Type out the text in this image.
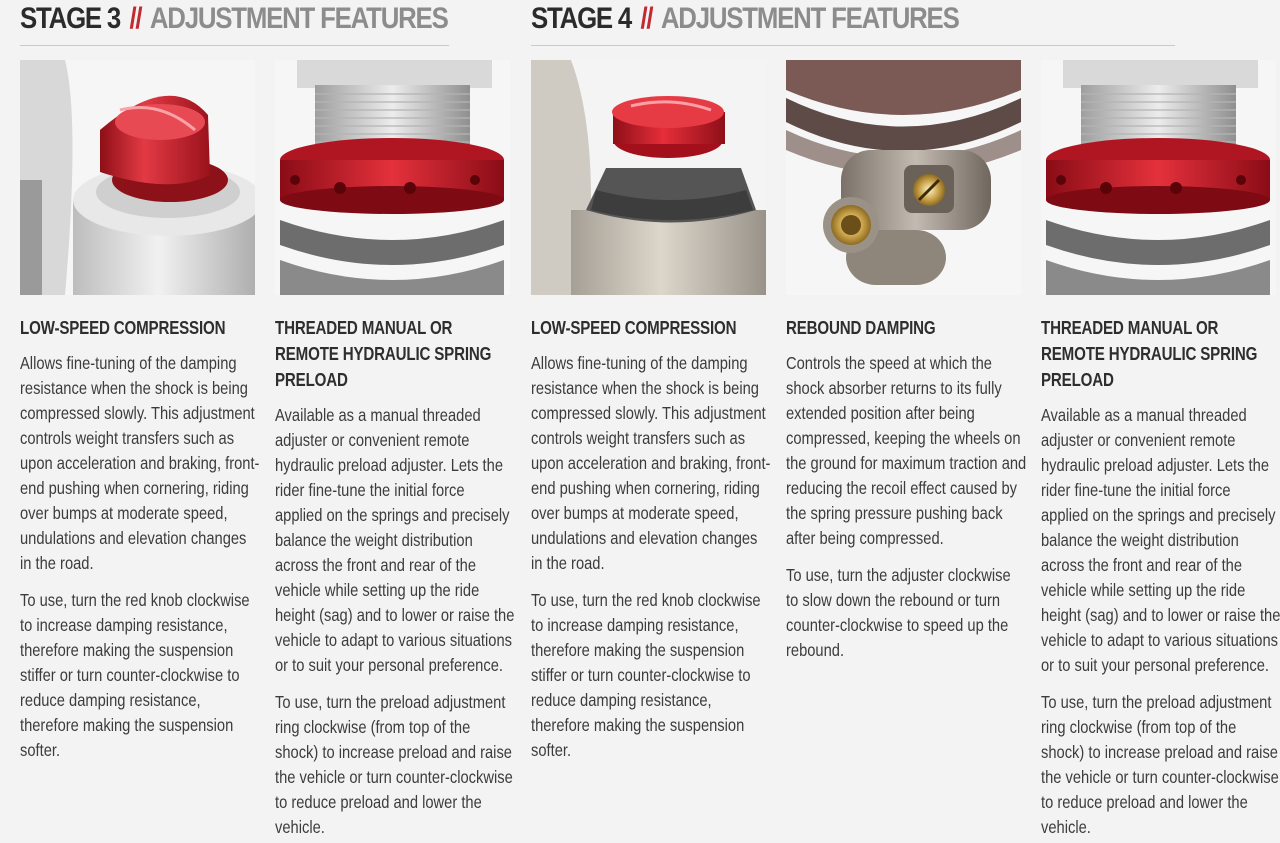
STAGE 3 // ADJUSTMENT FEATURES
LOW-SPEED COMPRESSION

Allows fine-tuning of the damping resistance when the shock is being compressed slowly. This adjustment controls weight transfers such as upon acceleration and braking, front-end pushing when cornering, riding over bumps at moderate speed, undulations and elevation changes in the road.

To use, turn the red knob clockwise to increase damping resistance, therefore making the suspension stiffer or turn counter-clockwise to reduce damping resistance, therefore making the suspension softer.

THREADED MANUAL OR REMOTE HYDRAULIC SPRING PRELOAD

Available as a manual threaded adjuster or convenient remote hydraulic preload adjuster. Lets the rider fine-tune the initial force applied on the springs and precisely balance the weight distribution across the front and rear of the vehicle while setting up the ride height (sag) and to lower or raise the vehicle to adapt to various situations or to suit your personal preference.

To use, turn the preload adjustment ring clockwise (from top of the shock) to increase preload and raise the vehicle or turn counter-clockwise to reduce preload and lower the vehicle.

STAGE 4 // ADJUSTMENT FEATURES
LOW-SPEED COMPRESSION

Allows fine-tuning of the damping resistance when the shock is being compressed slowly. This adjustment controls weight transfers such as upon acceleration and braking, front-end pushing when cornering, riding over bumps at moderate speed, undulations and elevation changes in the road.

To use, turn the red knob clockwise to increase damping resistance, therefore making the suspension stiffer or turn counter-clockwise to reduce damping resistance, therefore making the suspension softer.

REBOUND DAMPING

Controls the speed at which the shock absorber returns to its fully extended position after being compressed, keeping the wheels on the ground for maximum traction and reducing the recoil effect caused by the spring pressure pushing back after being compressed.

To use, turn the adjuster clockwise to slow down the rebound or turn counter-clockwise to speed up the rebound.

THREADED MANUAL OR REMOTE HYDRAULIC SPRING PRELOAD

Available as a manual threaded adjuster or convenient remote hydraulic preload adjuster. Lets the rider fine-tune the initial force applied on the springs and precisely balance the weight distribution across the front and rear of the vehicle while setting up the ride height (sag) and to lower or raise the vehicle to adapt to various situations or to suit your personal preference.

To use, turn the preload adjustment ring clockwise (from top of the shock) to increase preload and raise the vehicle or turn counter-clockwise to reduce preload and lower the vehicle.
